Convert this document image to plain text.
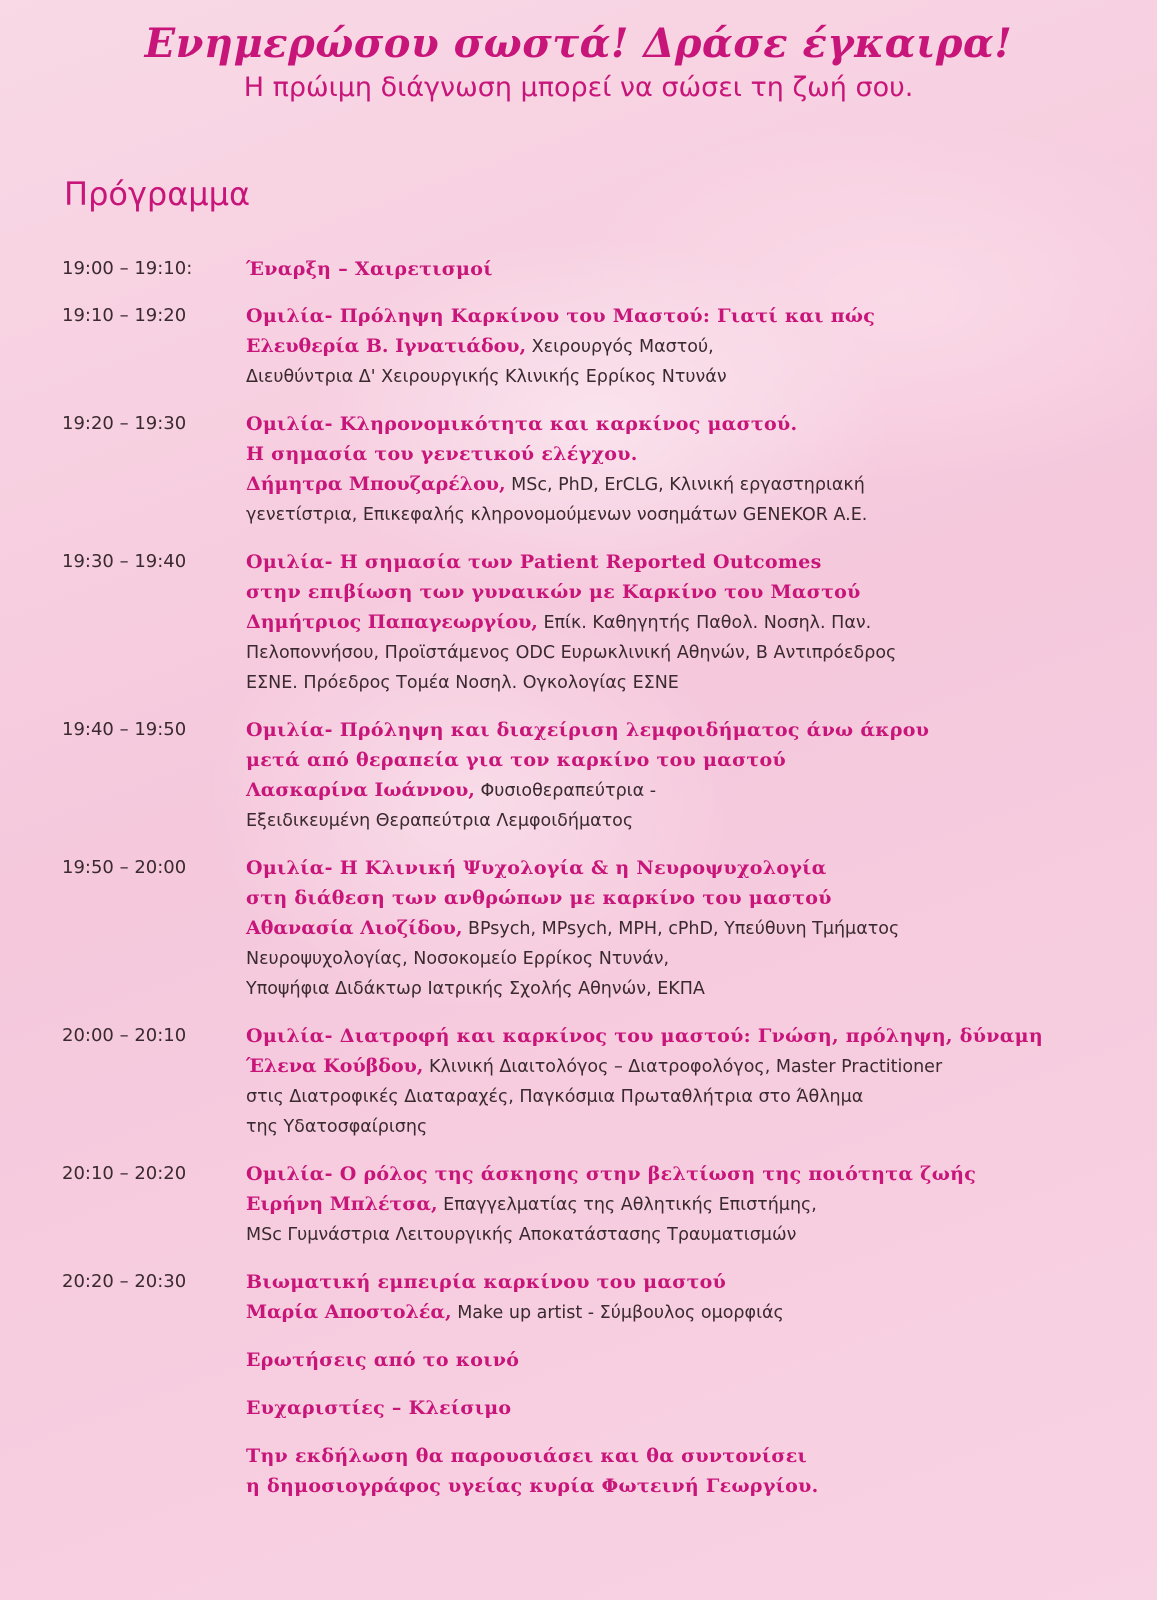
Ενημερώσου σωστά! Δράσε έγκαιρα!

Η πρώιμη διάγνωση μπορεί να σώσει τη ζωή σου.

Πρόγραμμα
19:00 – 19:10:	Έναρξη – Χαιρετισμοί
19:10 – 19:20	Ομιλία- Πρόληψη Καρκίνου του Μαστού: Γιατί και πώς
Ελευθερία Β. Ιγνατιάδου, Χειρουργός Μαστού,
Διευθύντρια Δ' Χειρουργικής Κλινικής Ερρίκος Ντυνάν
19:20 – 19:30	Ομιλία- Κληρονομικότητα και καρκίνος μαστού.
Η σημασία του γενετικού ελέγχου.
Δήμητρα Μπουζαρέλου, MSc, PhD, ErCLG, Κλινική εργαστηριακή
γενετίστρια, Επικεφαλής κληρονομούμενων νοσημάτων GENEKOR A.E.
19:30 – 19:40	Ομιλία- Η σημασία των Patient Reported Outcomes
στην επιβίωση των γυναικών με Καρκίνο του Μαστού
Δημήτριος Παπαγεωργίου, Επίκ. Καθηγητής Παθολ. Νοσηλ. Παν.
Πελοποννήσου, Προϊστάμενος ODC Ευρωκλινική Αθηνών, Β Αντιπρόεδρος
ΕΣΝΕ. Πρόεδρος Τομέα Νοσηλ. Ογκολογίας ΕΣΝΕ
19:40 – 19:50	Ομιλία- Πρόληψη και διαχείριση λεμφοιδήματος άνω άκρου
μετά από θεραπεία για τον καρκίνο του μαστού
Λασκαρίνα Ιωάννου, Φυσιοθεραπεύτρια -
Εξειδικευμένη Θεραπεύτρια Λεμφοιδήματος
19:50 – 20:00	Ομιλία- Η Κλινική Ψυχολογία & η Νευροψυχολογία
στη διάθεση των ανθρώπων με καρκίνο του μαστού
Αθανασία Λιοζίδου, BPsych, MPsych, MPH, cPhD, Υπεύθυνη Τμήματος
Νευροψυχολογίας, Νοσοκομείο Ερρίκος Ντυνάν,
Υποψήφια Διδάκτωρ Ιατρικής Σχολής Αθηνών, ΕΚΠΑ
20:00 – 20:10	Ομιλία- Διατροφή και καρκίνος του μαστού: Γνώση, πρόληψη, δύναμη
Έλενα Κούβδου, Κλινική Διαιτολόγος – Διατροφολόγος, Master Practitioner
στις Διατροφικές Διαταραχές, Παγκόσμια Πρωταθλήτρια στο Άθλημα
της Υδατοσφαίρισης
20:10 – 20:20	Ομιλία- Ο ρόλος της άσκησης στην βελτίωση της ποιότητα ζωής
Ειρήνη Μπλέτσα, Επαγγελματίας της Αθλητικής Επιστήμης,
MSc Γυμνάστρια Λειτουργικής Αποκατάστασης Τραυματισμών
20:20 – 20:30	Βιωματική εμπειρία καρκίνου του μαστού
Μαρία Αποστολέα, Make up artist - Σύμβουλος ομορφιάς
Ερωτήσεις από το κοινό
Ευχαριστίες – Κλείσιμο
Την εκδήλωση θα παρουσιάσει και θα συντονίσει
η δημοσιογράφος υγείας κυρία Φωτεινή Γεωργίου.
